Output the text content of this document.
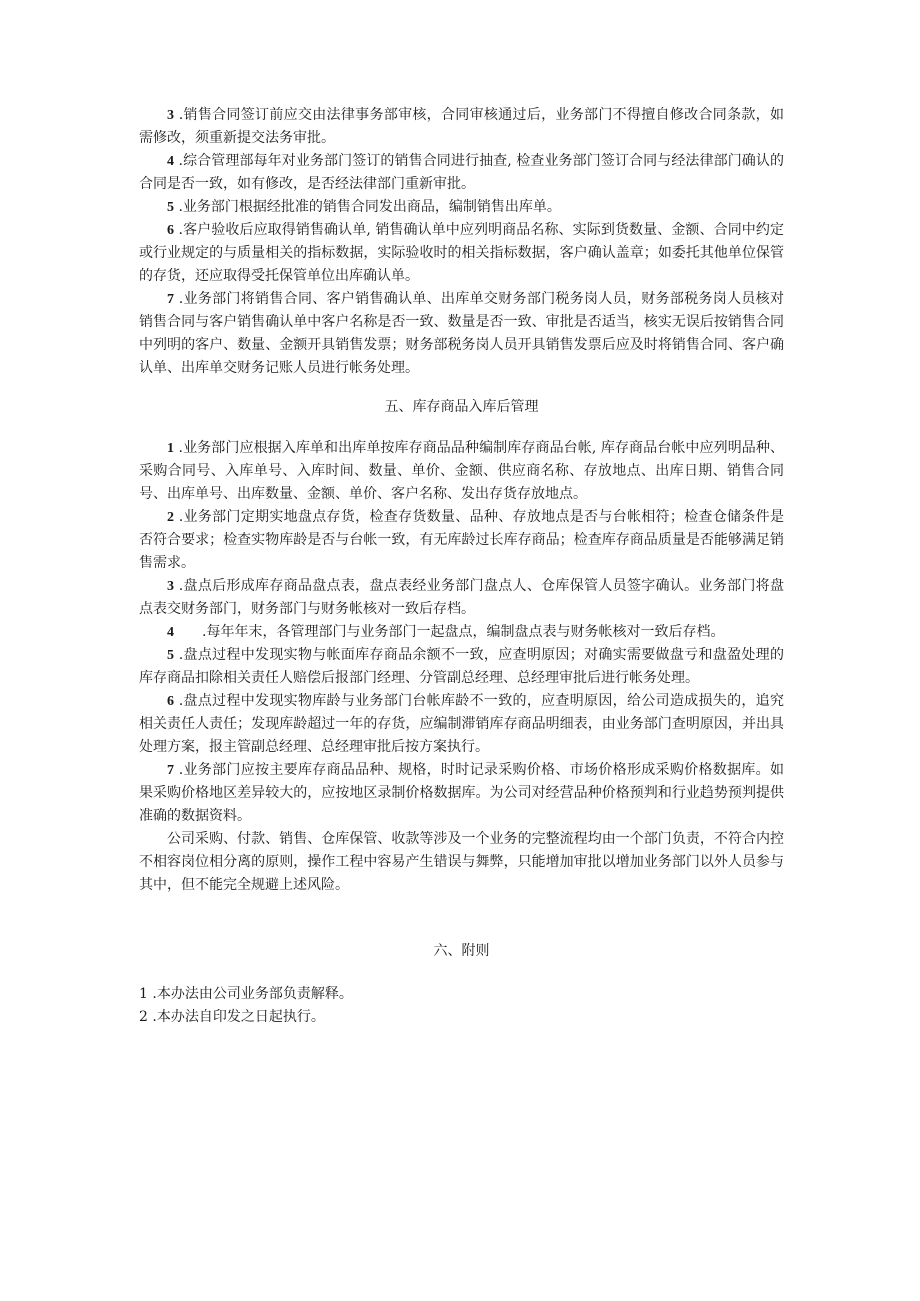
3 .销售合同签订前应交由法律事务部审核，合同审核通过后，业务部门不得擅自修改合同条款，如需修改，须重新提交法务审批。

4 .综合管理部每年对业务部门签订的销售合同进行抽查, 检查业务部门签订合同与经法律部门确认的合同是否一致，如有修改，是否经法律部门重新审批。

5 .业务部门根据经批准的销售合同发出商品，编制销售出库单。

6 .客户验收后应取得销售确认单, 销售确认单中应列明商品名称、实际到货数量、金额、合同中约定或行业规定的与质量相关的指标数据，实际验收时的相关指标数据，客户确认盖章；如委托其他单位保管的存货，还应取得受托保管单位出库确认单。

7 .业务部门将销售合同、客户销售确认单、出库单交财务部门税务岗人员，财务部税务岗人员核对销售合同与客户销售确认单中客户名称是否一致、数量是否一致、审批是否适当，核实无误后按销售合同中列明的客户、数量、金额开具销售发票；财务部税务岗人员开具销售发票后应及时将销售合同、客户确认单、出库单交财务记账人员进行帐务处理。

五、库存商品入库后管理

1 .业务部门应根据入库单和出库单按库存商品品种编制库存商品台帐, 库存商品台帐中应列明品种、采购合同号、入库单号、入库时间、数量、单价、金额、供应商名称、存放地点、出库日期、销售合同号、出库单号、出库数量、金额、单价、客户名称、发出存货存放地点。

2 .业务部门定期实地盘点存货，检查存货数量、品种、存放地点是否与台帐相符；检查仓储条件是否符合要求；检查实物库龄是否与台帐一致，有无库龄过长库存商品；检查库存商品质量是否能够满足销售需求。

3 .盘点后形成库存商品盘点表，盘点表经业务部门盘点人、仓库保管人员签字确认。业务部门将盘点表交财务部门，财务部门与财务帐核对一致后存档。

4　　.每年年末，各管理部门与业务部门一起盘点，编制盘点表与财务帐核对一致后存档。

5 .盘点过程中发现实物与帐面库存商品余额不一致，应查明原因；对确实需要做盘亏和盘盈处理的库存商品扣除相关责任人赔偿后报部门经理、分管副总经理、总经理审批后进行帐务处理。

6 .盘点过程中发现实物库龄与业务部门台帐库龄不一致的，应查明原因，给公司造成损失的，追究相关责任人责任；发现库龄超过一年的存货，应编制滞销库存商品明细表，由业务部门查明原因，并出具处理方案，报主管副总经理、总经理审批后按方案执行。

7 .业务部门应按主要库存商品品种、规格，时时记录采购价格、市场价格形成采购价格数据库。如果采购价格地区差异较大的，应按地区录制价格数据库。为公司对经营品种价格预判和行业趋势预判提供准确的数据资料。

公司采购、付款、销售、仓库保管、收款等涉及一个业务的完整流程均由一个部门负责，不符合内控不相容岗位相分离的原则，操作工程中容易产生错误与舞弊，只能增加审批以增加业务部门以外人员参与其中，但不能完全规避上述风险。

六、附则

1 .本办法由公司业务部负责解释。

2 .本办法自印发之日起执行。
